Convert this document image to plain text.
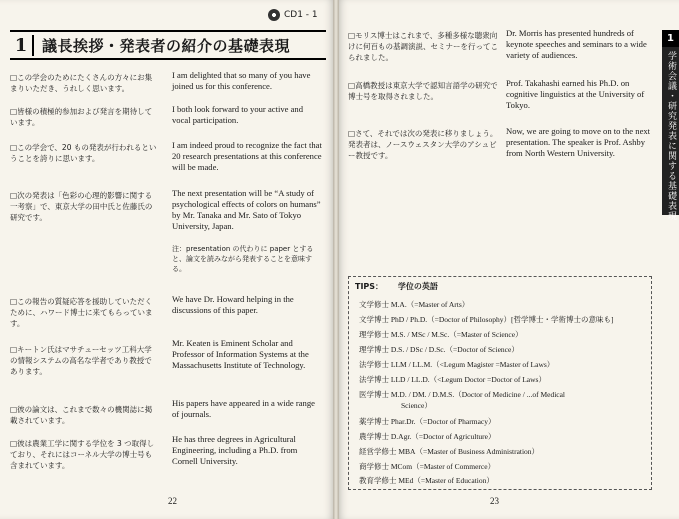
CD1 - 1
1 議長挨拶・発表者の紹介の基礎表現
□この学会のためにたくさんの方々にお集まりいただき、うれしく思います。
I am delighted that so many of you have joined us for this conference.
□皆様の積極的参加および発言を期待しています。
I both look forward to your active and vocal participation.
□この学会で、20 もの発表が行われるということを誇りに思います。
I am indeed proud to recognize the fact that 20 research presentations at this conference will be made.
□次の発表は「色彩の心理的影響に関する一考察」で、東京大学の田中氏と佐藤氏の研究です。
The next presentation will be “A study of psychological effects of colors on humans” by Mr. Tanaka and Mr. Sato of Tokyo University, Japan.
注：presentation の代わりに paper とすると、論文を読みながら発表することを意味する。
□この報告の質疑応答を援助していただくために、ハワード博士に来てもらっています。
We have Dr. Howard helping in the discussions of this paper.
□キートン氏はマサチューセッツ工科大学の情報システムの高名な学者であり教授であります。
Mr. Keaten is Eminent Scholar and Professor of Information Systems at the Massachusetts Institute of Technology.
□彼の論文は、これまで数々の機関誌に掲載されています。
His papers have appeared in a wide range of journals.
□彼は農業工学に関する学位を 3 つ取得しており、それにはコーネル大学の博士号も含まれています。
He has three degrees in Agricultural Engineering, including a Ph.D. from Cornell University.
22
□モリス博士はこれまで、多種多様な聴衆向けに何百もの基調演説、セミナーを行ってこられました。
Dr. Morris has presented hundreds of keynote speeches and seminars to a wide variety of audiences.
□高橋教授は東京大学で認知言語学の研究で博士号を取得されました。
Prof. Takahashi earned his Ph.D. on cognitive linguistics at the University of Tokyo.
□さて、それでは次の発表に移りましょう。発表者は、ノースウェスタン大学のアシュビー教授です。
Now, we are going to move on to the next presentation. The speaker is Prof. Ashby from North Western University.
1
学術会議・研究発表に関する基礎表現
TIPS： 学位の英語
文学修士 M.A.（=Master of Arts）
文学博士 PhD / Ph.D.（=Doctor of Philosophy）[哲学博士・学術博士の意味も]
理学修士 M.S. / MSc / M.Sc.（=Master of Science）
理学博士 D.S. / DSc / D.Sc.（=Doctor of Science）
法学修士 LLM / LL.M.（<Legum Magister =Master of Laws）
法学博士 LLD / LL.D.（<Legum Doctor =Doctor of Laws）
医学博士 M.D. / DM. / D.M.S.（Doctor of Medicine / ...of Medical
Science）
薬学博士 Phar.Dr.（=Doctor of Pharmacy）
農学博士 D.Agr.（=Doctor of Agriculture）
経営学修士 MBA（=Master of Business Administration）
商学修士 MCom（=Master of Commerce）
教育学修士 MEd（=Master of Education）
23
